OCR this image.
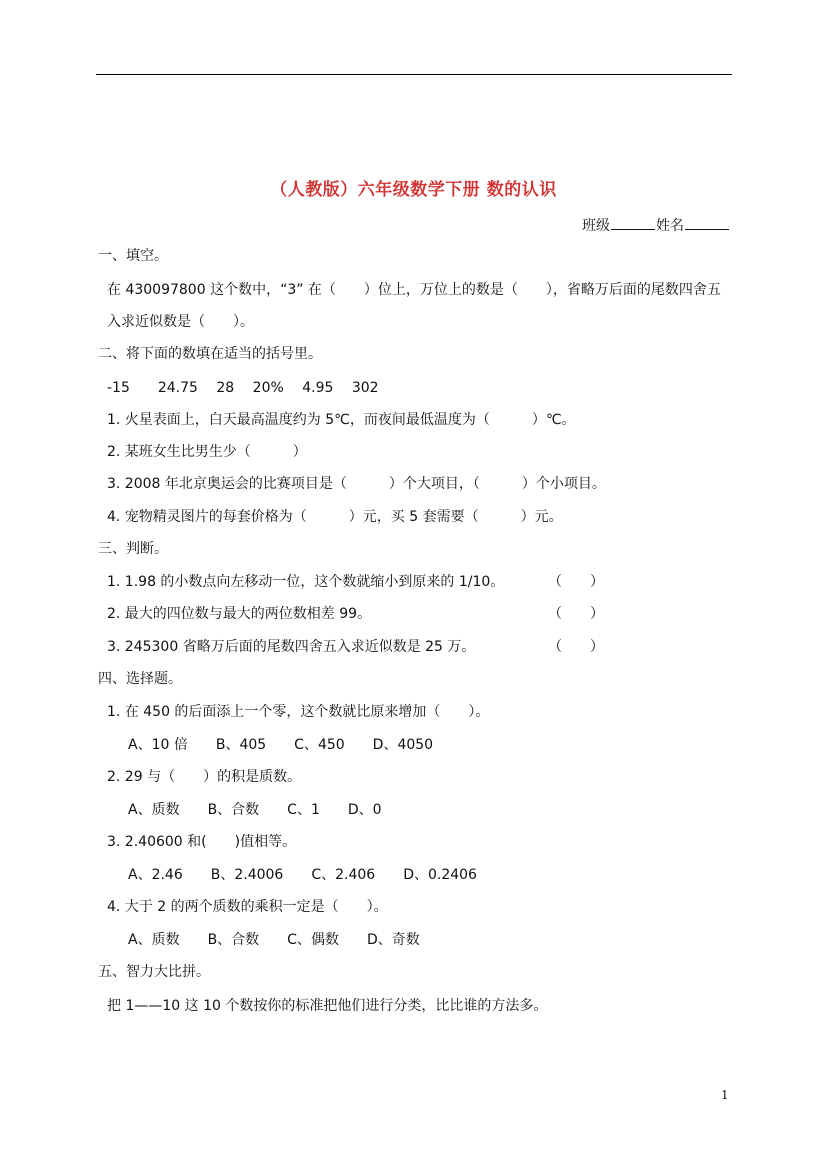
（人教版）六年级数学下册 数的认识
班级	姓名
一、填空。
在 430097800 这个数中，“3” 在（　　）位上，万位上的数是（　　），省略万后面的尾数四舍五
入求近似数是（　　）。
二、将下面的数填在适当的括号里。
-15　　24.75　 28　 20%　 4.95　 302
1. 火星表面上，白天最高温度约为 5℃，而夜间最低温度为（　　　）℃。
2. 某班女生比男生少（　　　）
3. 2008 年北京奥运会的比赛项目是（　　　）个大项目，（　　　）个小项目。
4. 宠物精灵图片的每套价格为（　　　）元，买 5 套需要（　　　）元。
三、判断。
1. 1.98 的小数点向左移动一位，这个数就缩小到原来的 1/10。	（　　）
2. 最大的四位数与最大的两位数相差 99。	（　　）
3. 245300 省略万后面的尾数四舍五入求近似数是 25 万。	（　　）
四、选择题。
1. 在 450 的后面添上一个零，这个数就比原来增加（　　）。
A、10 倍　　B、405　　C、450　　D、4050
2. 29 与（　　）的积是质数。
A、质数　　B、合数　　C、1　　D、0
3. 2.40600 和(　　)值相等。
A、2.46　　B、2.4006　　C、2.406　　D、0.2406
4. 大于 2 的两个质数的乘积一定是（　　）。
A、质数　　B、合数　　C、偶数　　D、奇数
五、智力大比拼。
把 1——10 这 10 个数按你的标准把他们进行分类，比比谁的方法多。
1
